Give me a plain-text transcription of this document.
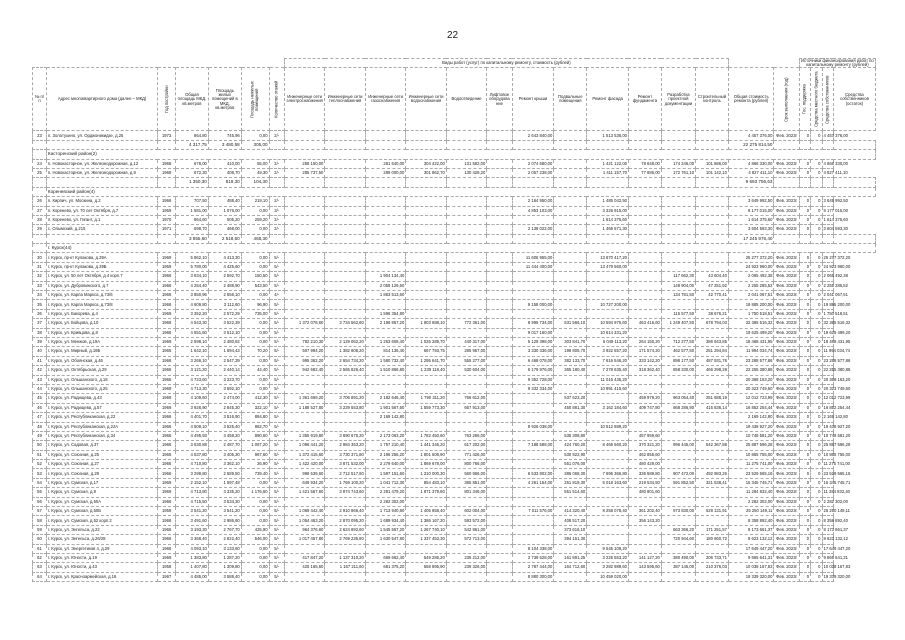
22
							Виды работ (услуг) по капитальному ремонту, стоимость (рублей)														Источники финансирования работ по капитальному ремонту (рублей)			
№ п/п	Адрес многоквартирного дома (далее – МКД)	Год постройки	Общая площадь МКД, кв.метров	Площадь жилых помещений в МКД, кв.метров	Площадь нежилых помещений	Количество этажей	Инженерные сети электроснабжения	Инженерные сети теплоснабжения	Инженерные сети газоснабжения	Инженерные сети водоснабжения	Водоотведение	Лифтовое оборудование	Ремонт крыши	Подвальные помещения	Ремонт фасада	Ремонт фундамента	Разработка проектной документации	Строительный контроль	Общая стоимость ремонта (рублей)	Срок выполнения (год)	Гос. поддержка	Средства местного бюджета	Средства собственников	Средства собственников (остаток)
23	п. Золотухино, ул. Орджоникидзе, д.25	1973	864,80	745,96	0,00	2/-							2 643 840,00		1 513 536,00				4 457 376,00	Фев. 2023г	0	0	4 457 376,00	
			4 317,75	3 480,58	305,00														22 275 814,50					
	Касторенский район(2)																							
24	п. Новокасторное, ул. Железнодорожная, д.12	1968	678,00	410,00	55,00	2/-	258 150,00		281 540,00	304 422,00	131 582,00		2 074 680,00		1 421 122,00	78 648,00	174 246,00	101 886,00	4 866 330,00	Фев. 2023г	0	0	4 866 330,00	
25	п. Новокасторное, ул. Железнодорожная, д.9	1968	672,30	408,70	49,30	2/-	285 737,50		289 000,00	301 862,70	130 428,20		2 057 238,00		1 411 157,70	77 886,00	172 761,10	101 142,10	4 827 411,10	Фев. 2023г	0	0	4 827 411,10	
			1 350,30	819,30	104,30														9 693 756,63					
	Кореневский район(4)																							
26	п. Кирпич, ул. Москина, д.2	1966	707,50	488,40	219,10	2/-							2 164 950,00		1 485 042,50				3 649 992,50	Фев. 2023г	0	0	3 649 992,50	
27	п. Коренево, ул. 70 лет Октября, д.7	1959	1 581,00	1 076,00	0,00	3/-							4 853 103,00		3 326 915,00				8 177 015,00	Фев. 2023г	0	0	8 177 015,00	
28	п. Коренево, ул. Гигант, д.1	1970	864,60	505,20	259,20	2/-									1 614 375,60				1 614 375,60	Фев. 2023г	0	0	1 614 375,60	
29	с. Олымский, д.215	1971	698,70	468,00	0,00	2/-							2 138 022,00		1 466 571,30				3 604 593,30	Фев. 2023г	0	0	3 604 593,30	
			3 855,60	2 518,60	468,30														17 245 976,40					
	г. Курск(44)																							
30	г. Курск, пр-кт Кулакова, д.39А	1969	5 862,10	4 413,30	0,00	5/-							11 606 955,00		13 670 417,20				25 277 372,20	Фев. 2023г	0	0	25 277 372,20	
31	г. Курск, пр-кт Кулакова, д.39Б	1959	5 780,00	4 425,60	0,00	5/-							11 444 400,00		13 479 560,00				24 923 960,00	Фев. 2023г	0	0	24 923 960,00	
32	г. Курск, ул. 50 лет Октября, д.4 корп.7	1966	3 834,10	2 592,70	150,50	5/-			1 904 134,40								117 662,30	43 604,40	2 065 492,38	Фев. 2023г	0	0	2 065 492,38	
33	г. Курск, ул. Дубровинского, д.7	1966	4 254,40	2 488,90	543,50	5/-			2 059 129,60								148 904,00	47 251,92	2 255 285,52	Фев. 2023г	0	0	2 255 285,52	
34	г. Курск, ул. Карла Маркса, д.73/6	1966	3 850,96	2 556,10	0,00	4/-			1 863 513,60								134 781,50	42 770,41	2 041 067,51	Фев. 2023г	0	0	2 041 067,51	
35	г. Курск, ул. Карла Маркса, д.73/8	1966	4 609,80	3 112,60	96,90	5/-							9 158 000,00		10 727 200,00				19 885 200,00	Фев. 2023г	0	0	19 885 200,00	
36	г. Курск, ул. Бакорева, д.4	1969	3 352,20	2 572,29	735,00	5/-			1 596 354,80								115 577,50	38 676,21	1 750 518,51	Фев. 2023г	0	0	1 750 518,51	
37	г. Курск, ул. Бойцова, д.10	1968	4 543,30	3 522,39	0,00	5/-	1 372 078,60	3 734 562,60	2 196 857,20	1 803 688,10	772 361,00		8 995 734,00	531 566,10	10 594 975,60	463 416,60	1 249 407,50	678 794,03	32 385 516,32	Фев. 2023г	0	0	32 385 516,32	
38	г. Курск, ул. Кривцова, д.8	1966	4 551,60	3 512,10	0,00	5/-							9 017 160,00		10 614 331,20				19 625 499,20	Фев. 2023г	0	0	19 625 499,20	
39	г. Курск, ул. Менжов, д.19А	1969	2 598,10	2 480,82	0,00	5/-	782 210,30	2 129 062,20	1 253 608,40	1 026 289,70	440 317,00		5 129 398,00	303 841,70	6 049 113,20	264 150,20	712 277,50	386 943,85	18 468 431,95	Фев. 2023г	0	0	18 468 431,95	
40	г. Курск, ул. Мирный, д.19Б	1965	1 642,10	1 694,43	70,20	5/-	507 994,20	1 382 606,20	814 136,40	667 793,75	285 957,00		3 330 336,00	198 805,70	3 922 557,20	171 574,20	462 577,50	251 294,84	11 994 034,74	Фев. 2023г	0	0	11 994 034,74	
41	г. Курск, ул. Обоянская, д.46	1966	3 266,10	2 547,39	0,00	5/-	995 362,20	2 654 734,20	1 580 732,40	1 295 641,70	555 277,00		6 468 078,00	382 133,70	7 616 546,20	333 142,20	898 177,50	487 931,76	23 288 577,86	Фев. 2023г	0	0	23 288 577,86	
42	г. Курск, ул. Октябрьская, д.29	1966	3 121,20	2 440,14	44,40	5/-	942 682,40	2 565 826,40	1 510 866,80	1 239 118,40	530 604,00		6 179 976,00	365 180,40	7 278 635,40	318 362,40	858 330,00	466 298,28	22 255 380,88	Фев. 2023г	0	0	22 255 380,88	
43	г. Курск, ул. Ольшанского, д.18	1965	4 723,60	3 223,70	0,00	5/-							9 352 728,00		11 015 435,20				20 368 163,20	Фев. 2023г	0	0	20 368 163,20	
44	г. Курск, ул. Ольшанского, д.25	1969	4 713,30	3 592,10	0,00	5/-							9 332 334,00		10 991 415,60				20 323 749,60	Фев. 2023г	0	0	20 323 749,60	
45	г. Курск, ул. Радищева, д.43	1969	4 109,60	2 474,00	412,30	5/-	1 361 669,20	3 706 891,20	2 182 646,40	1 790 311,20	766 612,00			537 623,20		459 979,20	963 054,40	251 688,19	12 012 723,99	Фев. 2023г	0	0	12 012 723,99	
46	г. Курск, ул. Радищева, д.57	1969	3 926,90	2 845,30	322,10	5/-	1 188 527,80	3 229 553,80	1 901 567,60	1 559 773,30	667 913,00			450 881,30	3 162 184,60	409 747,80	868 286,90	415 836,14	16 852 254,44	Фев. 2023г	0	0	16 852 254,44	
47	г. Курск, ул. Республиканская, д.22	1966	4 401,70	3 516,90	884,80	5/-			2 169 142,80										2 169 142,80	Фев. 2023г	0	0	2 169 142,80	
48	г. Курск, ул. Республиканская, д.22А	1966	4 508,10	3 525,40	982,70	5/-							8 926 038,00		10 512 889,20				19 438 927,20	Фев. 2023г	0	0	19 438 927,20	
49	г. Курск, ул. Республиканская, д.34	1966	4 495,93	3 458,20	990,60	5/-	1 355 919,80	3 690 675,20	2 173 063,20	1 782 450,60	763 266,00			535 308,80		457 959,60			10 748 581,20	Фев. 2023г	0	0	10 748 581,20	
50	г. Курск, ул. Садовая, д.37	1966	3 630,88	2 487,70	1 067,20	5/-	1 096 441,20	2 984 353,20	1 757 210,40	1 441 346,20	617 202,00		7 188 588,00	424 760,20	8 466 560,20	370 321,20	996 445,00	542 367,88	25 887 596,28	Фев. 2023г	0	0	25 887 596,28	
51	г. Курск, ул. Союзная, д.25	1965	4 537,80	3 405,30	967,60	5/-	1 372 415,60	3 730 371,80	2 196 256,20	1 801 506,90	771 426,00			530 922,90		462 855,60			10 865 755,00	Фев. 2023г	0	0	10 865 755,00	
52	г. Курск, ул. Союзная, д.27	1966	4 710,80	3 362,10	26,90	5/-	1 422 420,00	3 871 532,00	2 279 640,00	1 869 678,00	800 766,00			551 076,00		480 429,00			11 275 741,00	Фев. 2023г	0	0	11 275 741,00	
53	г. Курск, ул. Союзная, д.29	1966	3 299,80	2 589,50	739,40	5/-	996 539,60	2 712 517,60	1 597 151,60	1 310 000,30	560 966,00		6 533 802,00	386 068,30	7 695 366,80	336 589,80	907 472,00	492 983,26	23 529 565,16	Фев. 2023г	0	0	23 529 565,16	
54	г. Курск, ул. Сумская, д.17	1969	2 152,10	1 597,48	0,00	5/-	649 934,20	1 769 100,20	1 041 712,30	854 483,10	365 851,00		4 261 154,00	251 819,30	5 018 163,60	219 534,50	591 852,50	321 538,41	15 345 745,71	Фев. 2023г	0	0	15 345 745,71	
55	г. Курск, ул. Сумская, д.9	1969	4 713,80	3 335,20	1 176,60	5/-	1 421 567,60	3 874 743,60	2 281 479,20	1 871 379,80	801 346,00			551 514,60		480 801,60			11 284 832,40	Фев. 2023г	0	0	11 284 832,40	
56	г. Курск, ул. Сумская, д.50А	1966	4 715,50	3 534,30	0,00	5/-			2 282 302,00										2 282 302,00	Фев. 2023г	0	0	2 282 302,00	
57	г. Курск, ул. Сумская, д.50Б	1959	3 541,20	3 541,20	0,00	5/-	1 069 442,40	2 910 866,40	1 713 940,80	1 405 858,40	602 004,00		7 011 576,00	414 320,40	8 258 078,40	361 202,40	973 830,00	529 131,91	25 250 149,11	Фев. 2023г	0	0	25 250 149,11	
58	г. Курск, ул. Сумская, д.52 корп.2	1966	3 491,60	2 986,60	0,00	5/-	1 054 463,20	2 870 095,20	1 689 934,40	1 386 167,20	593 572,00			408 517,20		356 143,20			8 358 892,40	Фев. 2023г	0	0	8 358 892,40	
59	г. Курск, ул. Энгельса, д.22	1966	3 193,30	2 767,70	425,90	5/-	964 376,60	2 624 892,60	1 545 557,20	1 267 740,10	542 861,00			373 616,10			663 366,20	171 251,57	8 173 661,37	Фев. 2023г	0	0	8 173 661,37	
60	г. Курск, ул. Энгельса, д.26/28	1966	3 368,40	2 822,40	546,00	5/-	1 017 457,80	2 769 235,80	1 630 547,80	1 337 453,30	572 713,00			394 151,30			720 944,60	180 660,72	8 623 132,12	Фев. 2023г	0	0	8 623 132,12	
61	г. Курск, ул. Энергетиков 4, д.29	1966	4 093,10	3 133,60	0,00	5/-							8 104 338,00		9 545 109,20				17 649 447,20	Фев. 2023г	0	0	17 649 447,20	
62	г. Курск, ул. Юности, д.19	1969	1 383,80	1 287,20	0,00	5/-	417 847,20	1 137 310,20	669 662,40	549 286,20	235 212,00		2 739 528,00	161 891,25	3 226 553,20	141 127,20	380 490,00	206 733,71	9 865 641,31	Фев. 2023г	0	0	9 865 641,31	
63	г. Курск, ул. Юности, д.43	1958	1 407,80	1 309,80	0,00	5/-	425 165,60	1 157 211,60	681 375,20	558 895,90	239 326,00		2 787 444,00	164 712,60	3 282 989,60	143 595,60	387 145,00	210 376,03	10 038 167,83	Фев. 2023г	0	0	10 038 167,83	
64	г. Курск, ул. Красноармейская, д.16	1967	4 485,00	3 588,40	0,00	5/-							8 880 300,00		10 459 020,00				19 339 320,00	Фев. 2023г	0	0	19 339 320,00	
